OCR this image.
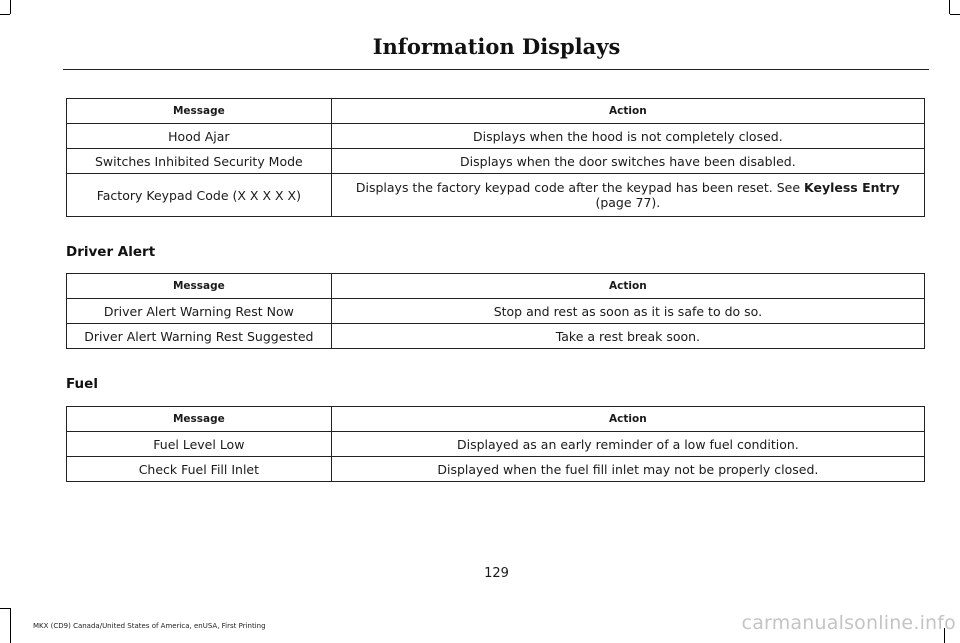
Information Displays
Message	Action
Hood Ajar	Displays when the hood is not completely closed.
Switches Inhibited Security Mode	Displays when the door switches have been disabled.
Factory Keypad Code (X X X X X)	Displays the factory keypad code after the keypad has been reset. See Keyless Entry (page 77).
Driver Alert
Message	Action
Driver Alert Warning Rest Now	Stop and rest as soon as it is safe to do so.
Driver Alert Warning Rest Suggested	Take a rest break soon.
Fuel
Message	Action
Fuel Level Low	Displayed as an early reminder of a low fuel condition.
Check Fuel Fill Inlet	Displayed when the fuel fill inlet may not be properly closed.
129
MKX (CD9) Canada/United States of America, enUSA, First Printing	carmanualsonline.info
